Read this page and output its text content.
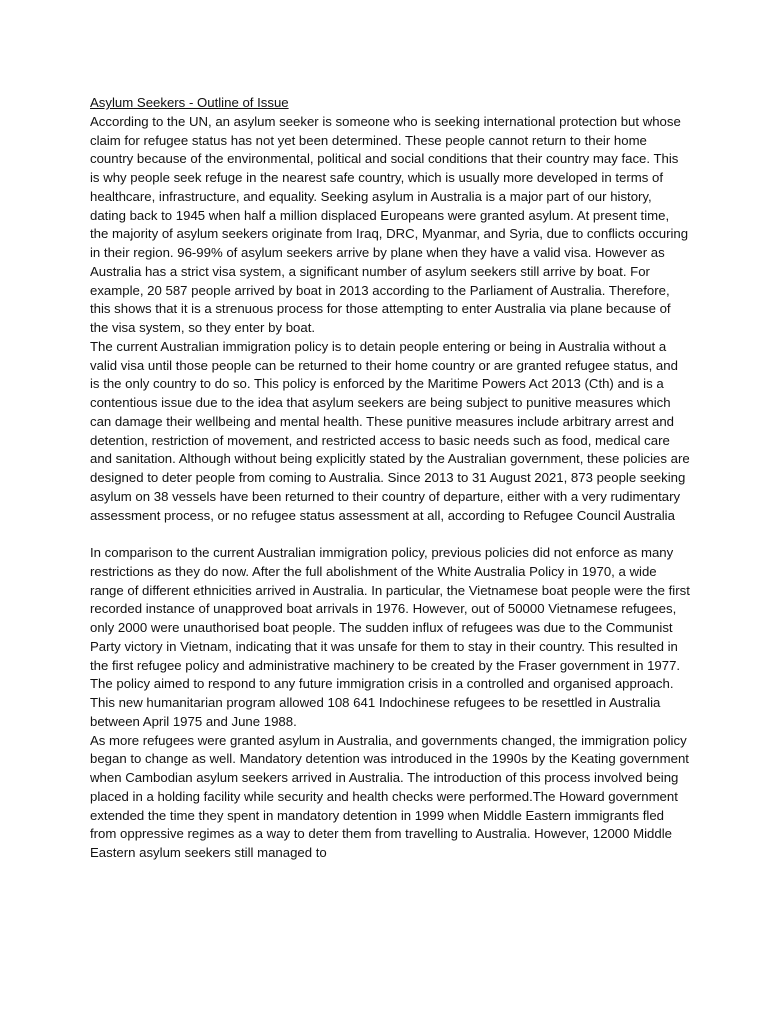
Asylum Seekers - Outline of Issue

According to the UN, an asylum seeker is someone who is seeking international protection but whose claim for refugee status has not yet been determined. These people cannot return to their home country because of the environmental, political and social conditions that their country may face. This is why people seek refuge in the nearest safe country, which is usually more developed in terms of healthcare, infrastructure, and equality. Seeking asylum in Australia is a major part of our history, dating back to 1945 when half a million displaced Europeans were granted asylum. At present time, the majority of asylum seekers originate from Iraq, DRC, Myanmar, and Syria, due to conflicts occuring in their region. 96-99% of asylum seekers arrive by plane when they have a valid visa. However as Australia has a strict visa system, a significant number of asylum seekers still arrive by boat. For example, 20 587 people arrived by boat in 2013 according to the Parliament of Australia. Therefore, this shows that it is a strenuous process for those attempting to enter Australia via plane because of the visa system, so they enter by boat.

The current Australian immigration policy is to detain people entering or being in Australia without a valid visa until those people can be returned to their home country or are granted refugee status, and is the only country to do so. This policy is enforced by the Maritime Powers Act 2013 (Cth) and is a contentious issue due to the idea that asylum seekers are being subject to punitive measures which can damage their wellbeing and mental health. These punitive measures include arbitrary arrest and detention, restriction of movement, and restricted access to basic needs such as food, medical care and sanitation. Although without being explicitly stated by the Australian government, these policies are designed to deter people from coming to Australia. Since 2013 to 31 August 2021, 873 people seeking asylum on 38 vessels have been returned to their country of departure, either with a very rudimentary assessment process, or no refugee status assessment at all, according to Refugee Council Australia

In comparison to the current Australian immigration policy, previous policies did not enforce as many restrictions as they do now. After the full abolishment of the White Australia Policy in 1970, a wide range of different ethnicities arrived in Australia. In particular, the Vietnamese boat people were the first recorded instance of unapproved boat arrivals in 1976. However, out of 50000 Vietnamese refugees, only 2000 were unauthorised boat people. The sudden influx of refugees was due to the Communist Party victory in Vietnam, indicating that it was unsafe for them to stay in their country. This resulted in the first refugee policy and administrative machinery to be created by the Fraser government in 1977. The policy aimed to respond to any future immigration crisis in a controlled and organised approach. This new humanitarian program allowed 108 641 Indochinese refugees to be resettled in Australia between April 1975 and June 1988.

As more refugees were granted asylum in Australia, and governments changed, the immigration policy began to change as well. Mandatory detention was introduced in the 1990s by the Keating government when Cambodian asylum seekers arrived in Australia. The introduction of this process involved being placed in a holding facility while security and health checks were performed.The Howard government extended the time they spent in mandatory detention in 1999 when Middle Eastern immigrants fled from oppressive regimes as a way to deter them from travelling to Australia. However, 12000 Middle Eastern asylum seekers still managed to
